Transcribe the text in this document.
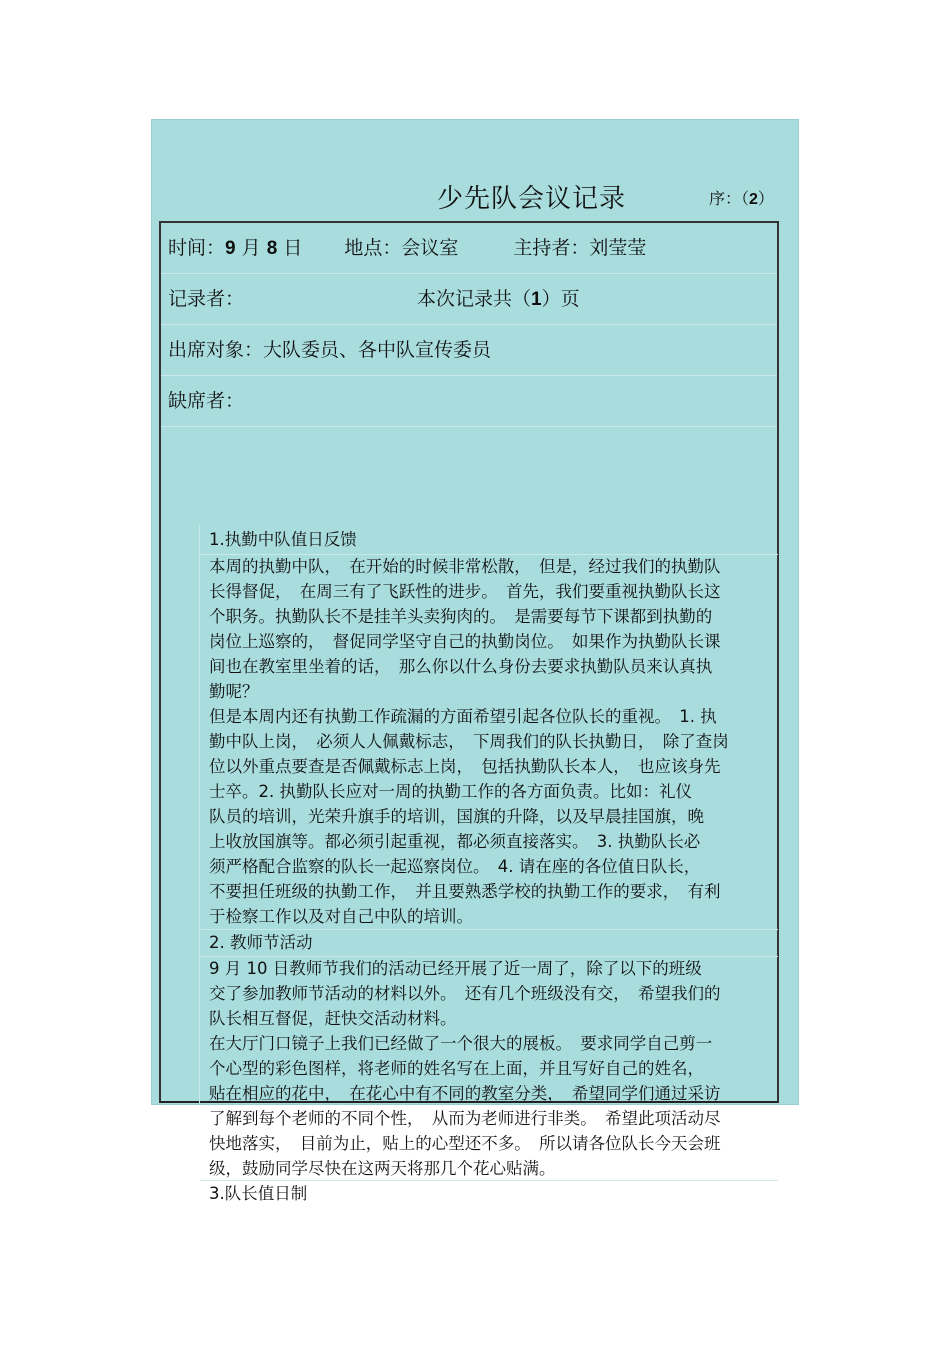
少先队会议记录	序：（2）
时间：9 月 8 日 地点：会议室	主持者：刘莹莹
记录者：	本次记录共（1）页
出席对象：大队委员、各中队宣传委员
缺席者：
1.执勤中队值日反馈
本周的执勤中队，　在开始的时候非常松散，　但是，经过我们的执勤队
长得督促，　在周三有了飞跃性的进步。　首先，我们要重视执勤队长这
个职务。执勤队长不是挂羊头卖狗肉的。　是需要每节下课都到执勤的
岗位上巡察的，　督促同学坚守自己的执勤岗位。　如果作为执勤队长课
间也在教室里坐着的话，　那么你以什么身份去要求执勤队员来认真执
勤呢？
但是本周内还有执勤工作疏漏的方面希望引起各位队长的重视。　1. 执
勤中队上岗，　必须人人佩戴标志，　下周我们的队长执勤日，　除了查岗
位以外重点要查是否佩戴标志上岗，　包括执勤队长本人，　也应该身先
士卒。2. 执勤队长应对一周的执勤工作的各方面负责。比如：礼仪
队员的培训，光荣升旗手的培训，国旗的升降，以及早晨挂国旗，晚
上收放国旗等。都必须引起重视，都必须直接落实。　3. 执勤队长必
须严格配合监察的队长一起巡察岗位。　4. 请在座的各位值日队长，
不要担任班级的执勤工作，　并且要熟悉学校的执勤工作的要求，　有利
于检察工作以及对自己中队的培训。
2. 教师节活动
9 月 10 日教师节我们的活动已经开展了近一周了，除了以下的班级
交了参加教师节活动的材料以外。　还有几个班级没有交，　希望我们的
队长相互督促，赶快交活动材料。
在大厅门口镜子上我们已经做了一个很大的展板。　要求同学自己剪一
个心型的彩色图样，将老师的姓名写在上面，并且写好自己的姓名，
贴在相应的花中，　在花心中有不同的教室分类，　希望同学们通过采访
了解到每个老师的不同个性，　从而为老师进行非类。　希望此项活动尽
快地落实，　目前为止，贴上的心型还不多。　所以请各位队长今天会班
级，鼓励同学尽快在这两天将那几个花心贴满。
3.队长值日制
